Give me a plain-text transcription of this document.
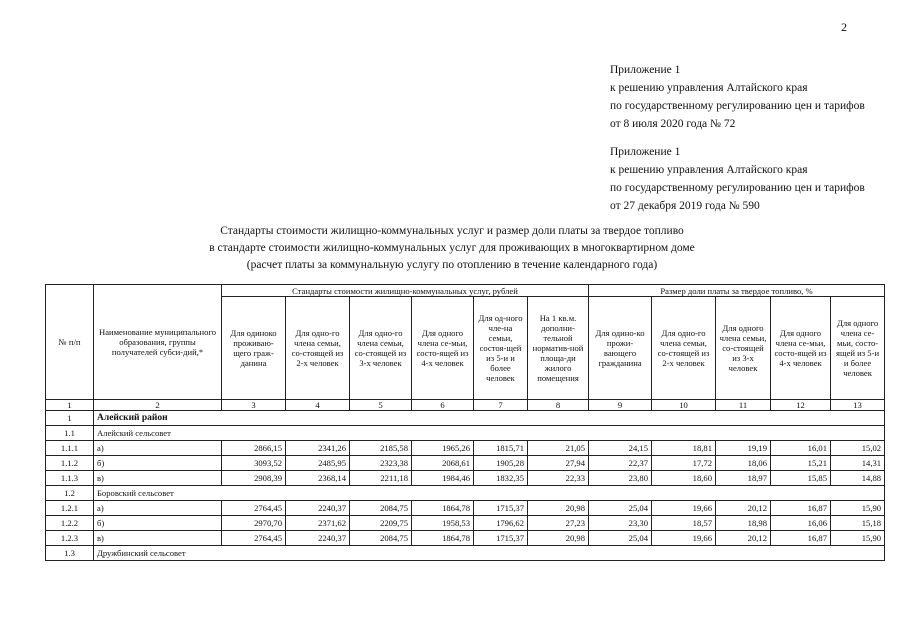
2
Приложение 1
к решению управления Алтайского края
по государственному регулированию цен и тарифов
от 8 июля 2020 года № 72
Приложение 1
к решению управления Алтайского края
по государственному регулированию цен и тарифов
от 27 декабря 2019 года № 590
Стандарты стоимости жилищно-коммунальных услуг и размер доли платы за твердое топливо
в стандарте стоимости жилищно-коммунальных услуг для проживающих в многоквартирном доме
(расчет платы за коммунальную услугу по отоплению в течение календарного года)
№ п/п	Наименование муниципального образования, группы получателей субси-дий,*	Стандарты стоимости жилищно-коммунальных услуг, рублей						Размер доли платы за твердое топливо, %				
		Для одиноко проживаю-щего граж-данина	Для одно-го члена семьи, со-стоящей из 2-х человек	Для одно-го члена семьи, со-стоящей из 3-х человек	Для одного члена се-мьи, состо-ящей из 4-х человек	Для од-ного чле-на семьи, состоя-щей из 5-и и более человек	На 1 кв.м. дополни-тельной норматив-ной площа-ди жилого помещения	Для одино-ко прожи-вающего гражданина	Для одно-го члена семьи, со-стоящей из 2-х человек	Для одного члена семьи, со-стоящей из 3-х человек	Для одного члена се-мьи, состо-ящей из 4-х человек	Для одного члена се-мьи, состо-ящей из 5-и и более человек
1	2	3	4	5	6	7	8	9	10	11	12	13
1	Алейский район											
1.1	Алейский сельсовет											
1.1.1	а)	2866,15	2341,26	2185,58	1965,26	1815,71	21,05	24,15	18,81	19,19	16,01	15,02
1.1.2	б)	3093,52	2485,95	2323,38	2068,61	1905,28	27,94	22,37	17,72	18,06	15,21	14,31
1.1.3	в)	2908,39	2368,14	2211,18	1984,46	1832,35	22,33	23,80	18,60	18,97	15,85	14,88
1.2	Боровский сельсовет											
1.2.1	а)	2764,45	2240,37	2084,75	1864,78	1715,37	20,98	25,04	19,66	20,12	16,87	15,90
1.2.2	б)	2970,70	2371,62	2209,75	1958,53	1796,62	27,23	23,30	18,57	18,98	16,06	15,18
1.2.3	в)	2764,45	2240,37	2084,75	1864,78	1715,37	20,98	25,04	19,66	20,12	16,87	15,90
1.3	Дружбинский сельсовет											
